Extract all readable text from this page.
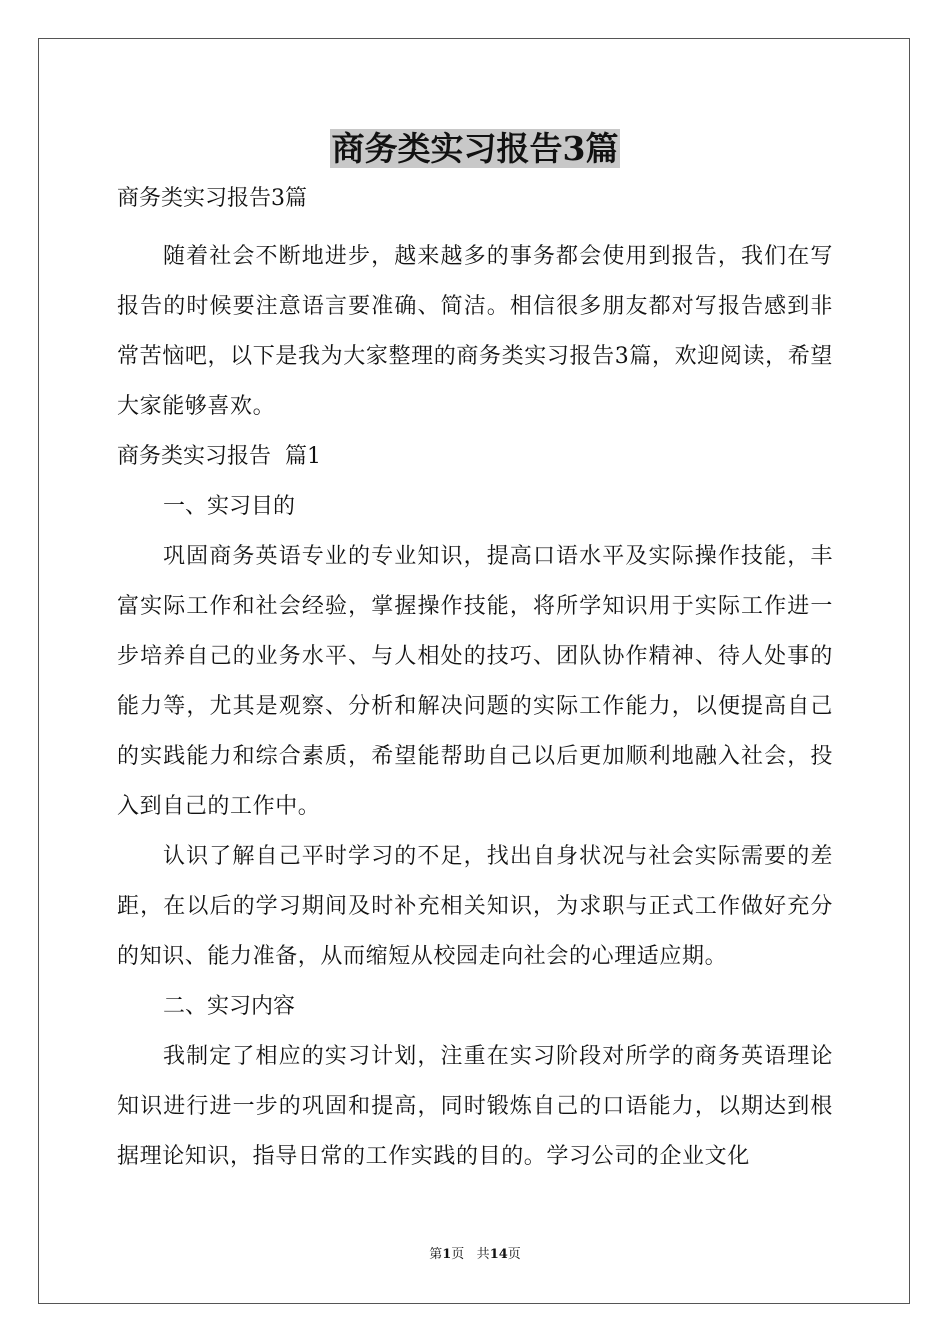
商务类实习报告3篇

商务类实习报告3篇

随着社会不断地进步，越来越多的事务都会使用到报告，我们在写报告的时候要注意语言要准确、简洁。相信很多朋友都对写报告感到非常苦恼吧，以下是我为大家整理的商务类实习报告3篇，欢迎阅读，希望大家能够喜欢。

商务类实习报告  篇1

一、实习目的

巩固商务英语专业的专业知识，提高口语水平及实际操作技能，丰富实际工作和社会经验，掌握操作技能，将所学知识用于实际工作进一步培养自己的业务水平、与人相处的技巧、团队协作精神、待人处事的能力等，尤其是观察、分析和解决问题的实际工作能力，以便提高自己的实践能力和综合素质，希望能帮助自己以后更加顺利地融入社会，投入到自己的工作中。

认识了解自己平时学习的不足，找出自身状况与社会实际需要的差距，在以后的学习期间及时补充相关知识，为求职与正式工作做好充分的知识、能力准备，从而缩短从校园走向社会的心理适应期。

二、实习内容

我制定了相应的实习计划，注重在实习阶段对所学的商务英语理论知识进行进一步的巩固和提高，同时锻炼自己的口语能力，以期达到根据理论知识，指导日常的工作实践的目的。学习公司的企业文化

第1页 共14页
